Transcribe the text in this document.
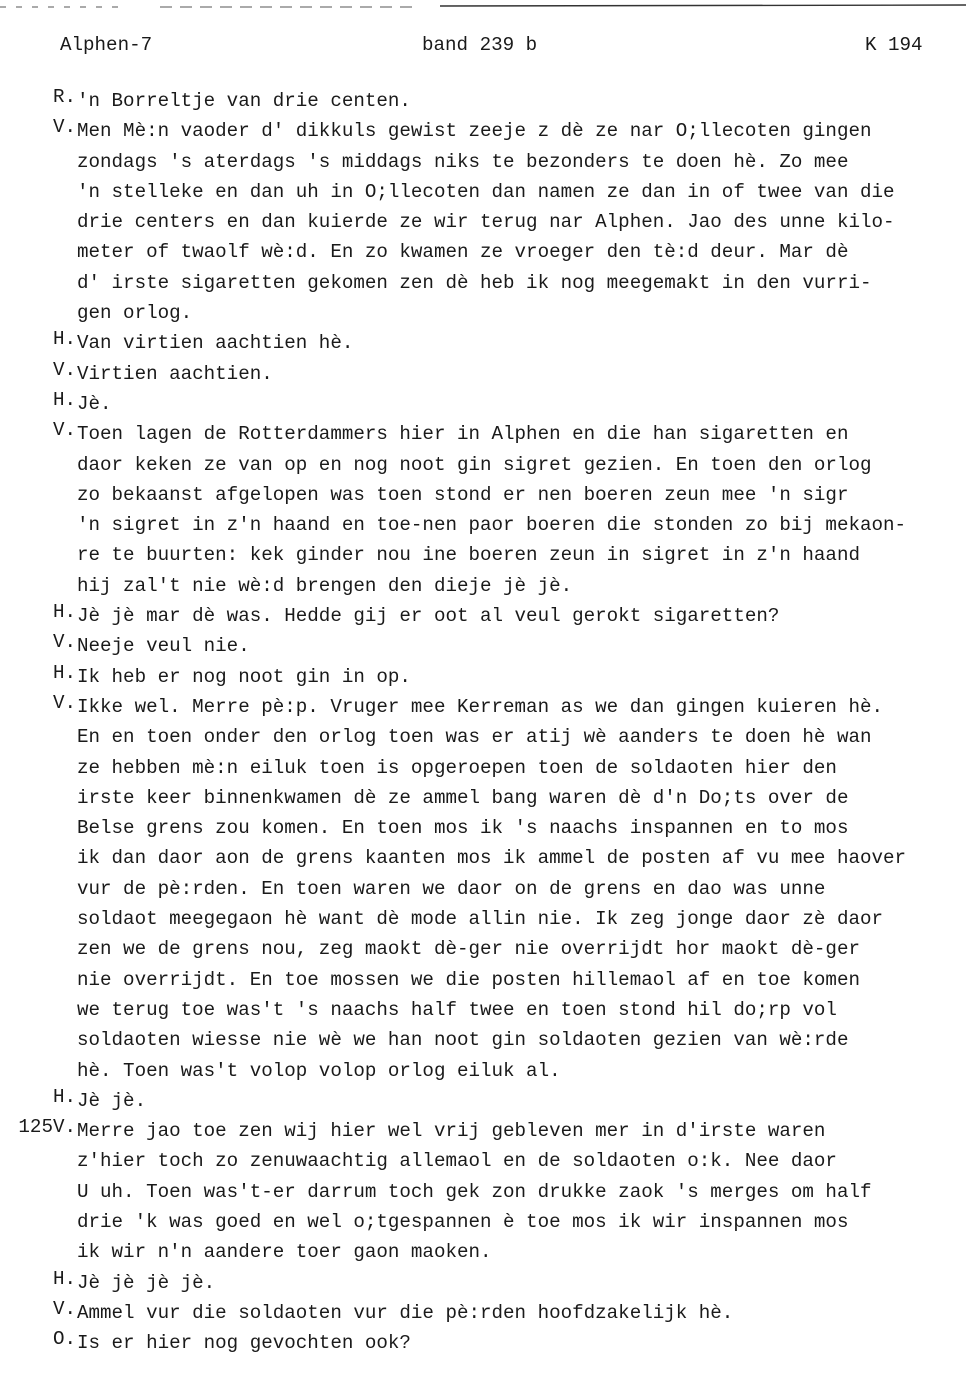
Alphen-7	band 239 b	K 194
R. 'n Borreltje van drie centen.
V. Men Mè:n vaoder d' dikkuls gewist zeeje z dè ze nar O;llecoten gingen
zondags 's aterdags 's middags niks te bezonders te doen hè. Zo mee
'n stelleke en dan uh in O;llecoten dan namen ze dan in of twee van die
drie centers en dan kuierde ze wir terug nar Alphen. Jao des unne kilo-
meter of twaolf wè:d. En zo kwamen ze vroeger den tè:d deur. Mar dè
d' irste sigaretten gekomen zen dè heb ik nog meegemakt in den vurri-
gen orlog.
H. Van virtien aachtien hè.
V. Virtien aachtien.
H. Jè.
V. Toen lagen de Rotterdammers hier in Alphen en die han sigaretten en
daor keken ze van op en nog noot gin sigret gezien. En toen den orlog
zo bekaanst afgelopen was toen stond er nen boeren zeun mee 'n sigr
'n sigret in z'n haand en toe-nen paor boeren die stonden zo bij mekaon-
re te buurten: kek ginder nou ine boeren zeun in sigret in z'n haand
hij zal't nie wè:d brengen den dieje jè jè.
H. Jè jè mar dè was. Hedde gij er oot al veul gerokt sigaretten?
V. Neeje veul nie.
H. Ik heb er nog noot gin in op.
V. Ikke wel. Merre pè:p. Vruger mee Kerreman as we dan gingen kuieren hè.
En en toen onder den orlog toen was er atij wè aanders te doen hè wan
ze hebben mè:n eiluk toen is opgeroepen toen de soldaoten hier den
irste keer binnenkwamen dè ze ammel bang waren dè d'n Do;ts over de
Belse grens zou komen. En toen mos ik 's naachs inspannen en to mos
ik dan daor aon de grens kaanten mos ik ammel de posten af vu mee haover
vur de pè:rden. En toen waren we daor on de grens en dao was unne
soldaot meegegaon hè want dè mode allin nie. Ik zeg jonge daor zè daor
zen we de grens nou, zeg maokt dè-ger nie overrijdt hor maokt dè-ger
nie overrijdt. En toe mossen we die posten hillemaol af en toe komen
we terug toe was't 's naachs half twee en toen stond hil do;rp vol
soldaoten wiesse nie wè we han noot gin soldaoten gezien van wè:rde
hè. Toen was't volop volop orlog eiluk al.
H. Jè jè.
125V. Merre jao toe zen wij hier wel vrij gebleven mer in d'irste waren
z'hier toch zo zenuwaachtig allemaol en de soldaoten o:k. Nee daor
U uh. Toen was't-er darrum toch gek zon drukke zaok 's merges om half
drie 'k was goed en wel o;tgespannen è toe mos ik wir inspannen mos
ik wir n'n aandere toer gaon maoken.
H. Jè jè jè jè.
V. Ammel vur die soldaoten vur die pè:rden hoofdzakelijk hè.
O. Is er hier nog gevochten ook?
